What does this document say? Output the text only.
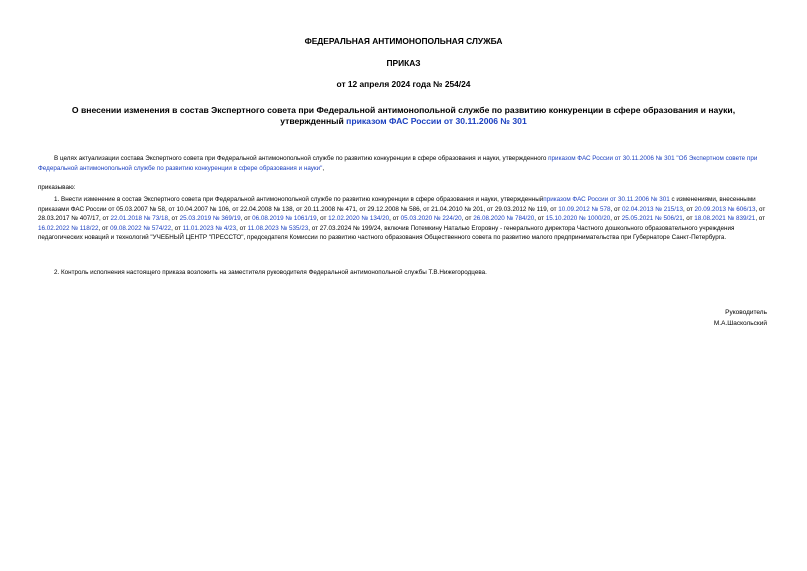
ФЕДЕРАЛЬНАЯ АНТИМОНОПОЛЬНАЯ СЛУЖБА
ПРИКАЗ
от 12 апреля 2024 года № 254/24
О внесении изменения в состав Экспертного совета при Федеральной антимонопольной службе по развитию конкуренции в сфере образования и науки, утвержденный приказом ФАС России от 30.11.2006 № 301
В целях актуализации состава Экспертного совета при Федеральной антимонопольной службе по развитию конкуренции в сфере образования и науки, утвержденного приказом ФАС России от 30.11.2006 № 301 "Об Экспертном совете при Федеральной антимонопольной службе по развитию конкуренции в сфере образования и науки",
приказываю:
1. Внести изменение в состав Экспертного совета при Федеральной антимонопольной службе по развитию конкуренции в сфере образования и науки, утвержденныйприказом ФАС России от 30.11.2006 № 301 с изменениями, внесенными приказами ФАС России от 05.03.2007 № 58, от 10.04.2007 № 106, от 22.04.2008 № 138, от 20.11.2008 № 471, от 29.12.2008 № 586, от 21.04.2010 № 201, от 29.03.2012 № 119, от 10.09.2012 № 578, от 02.04.2013 № 215/13, от 20.09.2013 № 606/13, от 28.03.2017 № 407/17, от 22.01.2018 № 73/18, от 25.03.2019 № 369/19, от 06.08.2019 № 1061/19, от 12.02.2020 № 134/20, от 05.03.2020 № 224/20, от 26.08.2020 № 784/20, от 15.10.2020 № 1000/20, от 25.05.2021 № 506/21, от 18.08.2021 № 839/21, от 16.02.2022 № 118/22, от 09.08.2022 № 574/22, от 11.01.2023 № 4/23, от 11.08.2023 № 535/23, от 27.03.2024 № 199/24, включив Потемкину Наталью Егоровну - генерального директора Частного дошкольного образовательного учреждения педагогических новаций и технологий "УЧЕБНЫЙ ЦЕНТР "ПРЕССТО", председателя Комиссии по развитию частного образования Общественного совета по развитию малого предпринимательства при Губернаторе Санкт-Петербурга.
2. Контроль исполнения настоящего приказа возложить на заместителя руководителя Федеральной антимонопольной службы Т.В.Нижегородцева.
Руководитель
М.А.Шаскольский
